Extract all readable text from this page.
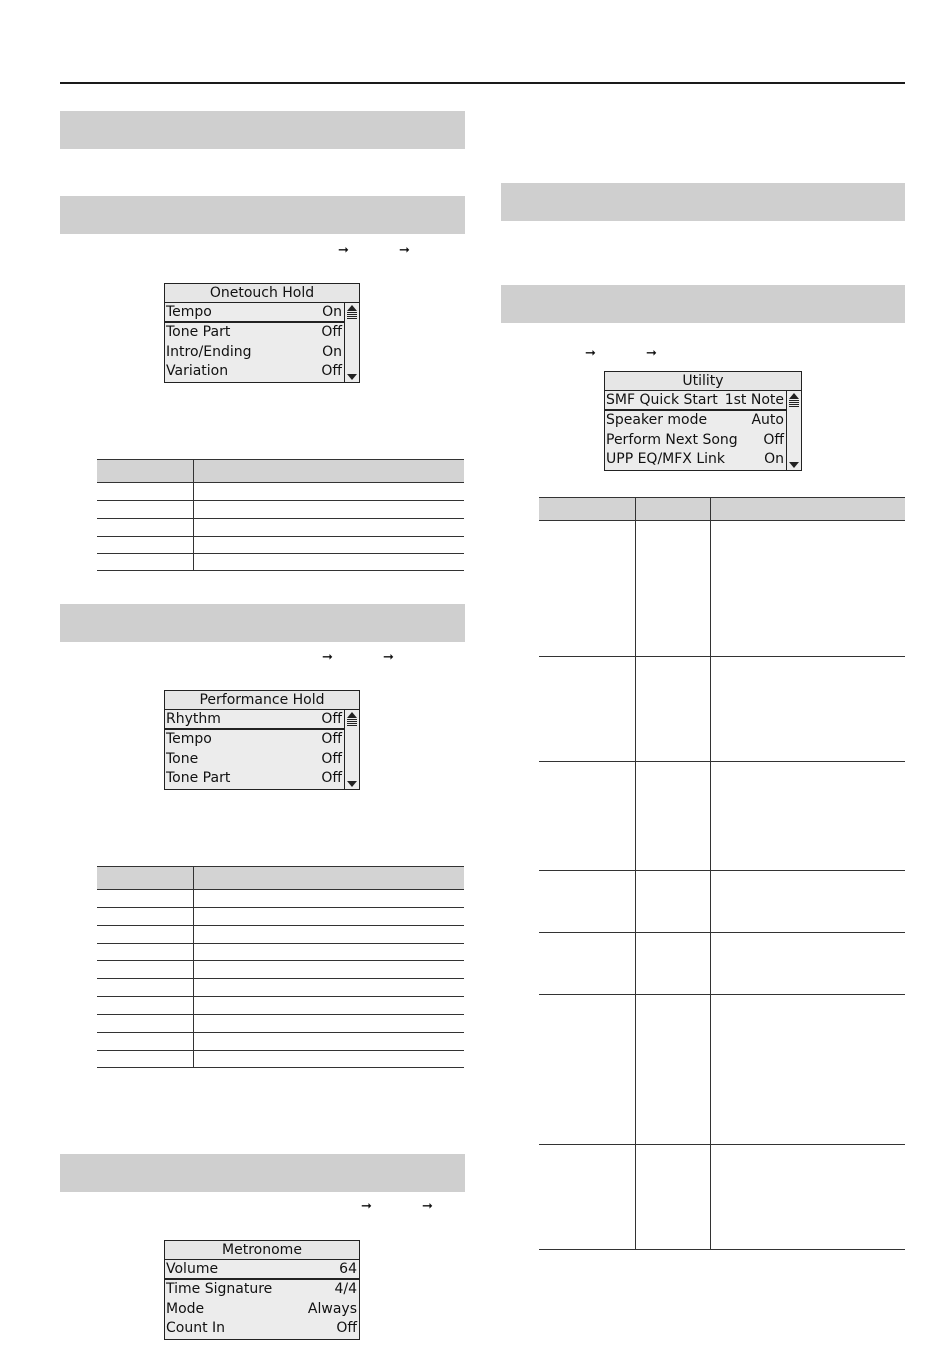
➞	➞
Onetouch Hold
Tempo	On
Tone Part	Off
Intro/Ending	On
Variation	Off
➞	➞
Performance Hold
Rhythm	Off
Tempo	Off
Tone	Off
Tone Part	Off
➞	➞
Metronome
Volume	64
Time Signature	4/4
Mode	Always
Count In	Off
➞	➞
Utility
SMF Quick Start 1st Note
Speaker mode	Auto
Perform Next Song Off
UPP EQ/MFX Link	On
